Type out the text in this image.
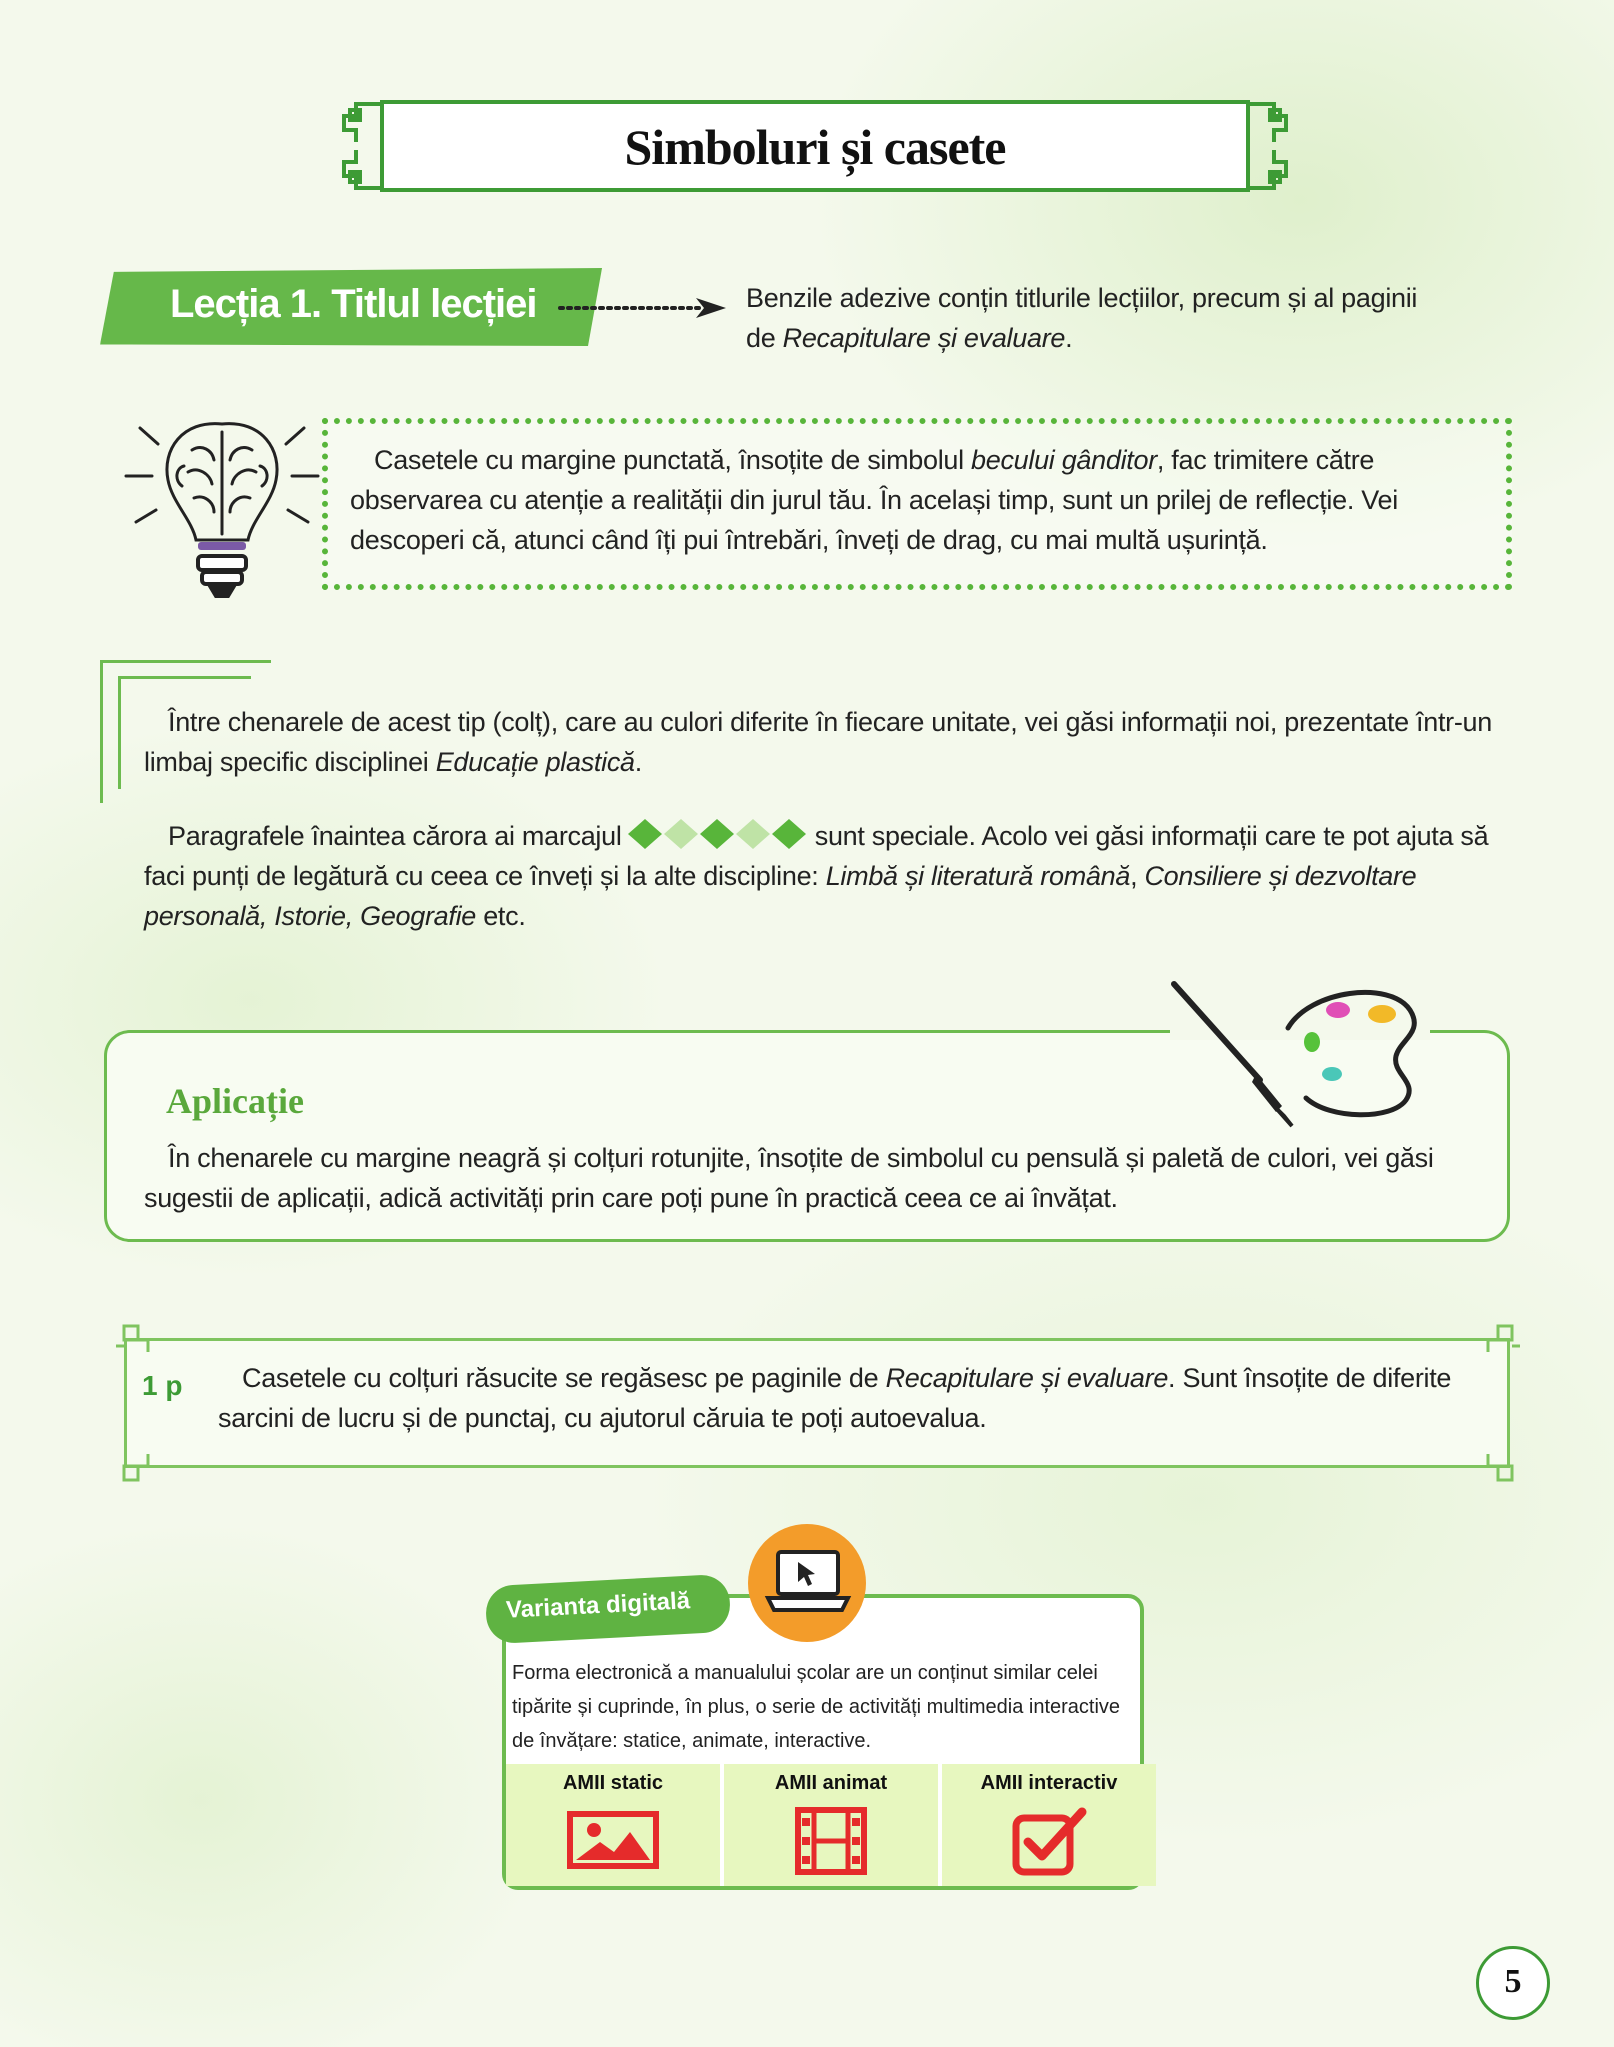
Simboluri și casete
Lecția 1. Titlul lecției	Benzile adezive conțin titlurile lecțiilor, precum și al paginii de Recapitulare și evaluare.
Casetele cu margine punctată, însoțite de simbolul becului gânditor, fac trimitere către observarea cu atenție a realității din jurul tău. În același timp, sunt un prilej de reflecție. Vei descoperi că, atunci când îți pui întrebări, înveți de drag, cu mai multă ușurință.
Între chenarele de acest tip (colț), care au culori diferite în fiecare unitate, vei găsi informații noi, prezentate într-un limbaj specific disciplinei Educație plastică.
Paragrafele înaintea cărora ai marcajul	sunt speciale. Acolo vei găsi informații care te pot ajuta să faci punți de legătură cu ceea ce înveți și la alte discipline: Limbă și literatură română, Consiliere și dezvoltare personală, Istorie, Geografie etc.
Aplicație
În chenarele cu margine neagră și colțuri rotunjite, însoțite de simbolul cu pensulă și paletă de culori, vei găsi sugestii de aplicații, adică activități prin care poți pune în practică ceea ce ai învățat.
1 p	Casetele cu colțuri răsucite se regăsesc pe paginile de Recapitulare și evaluare. Sunt însoțite de diferite sarcini de lucru și de punctaj, cu ajutorul căruia te poți autoevalua.
Varianta digitală
Forma electronică a manualului școlar are un conținut similar celei tipărite și cuprinde, în plus, o serie de activități multimedia interactive de învățare: statice, animate, interactive.
AMII static	AMII animat	AMII interactiv
5
